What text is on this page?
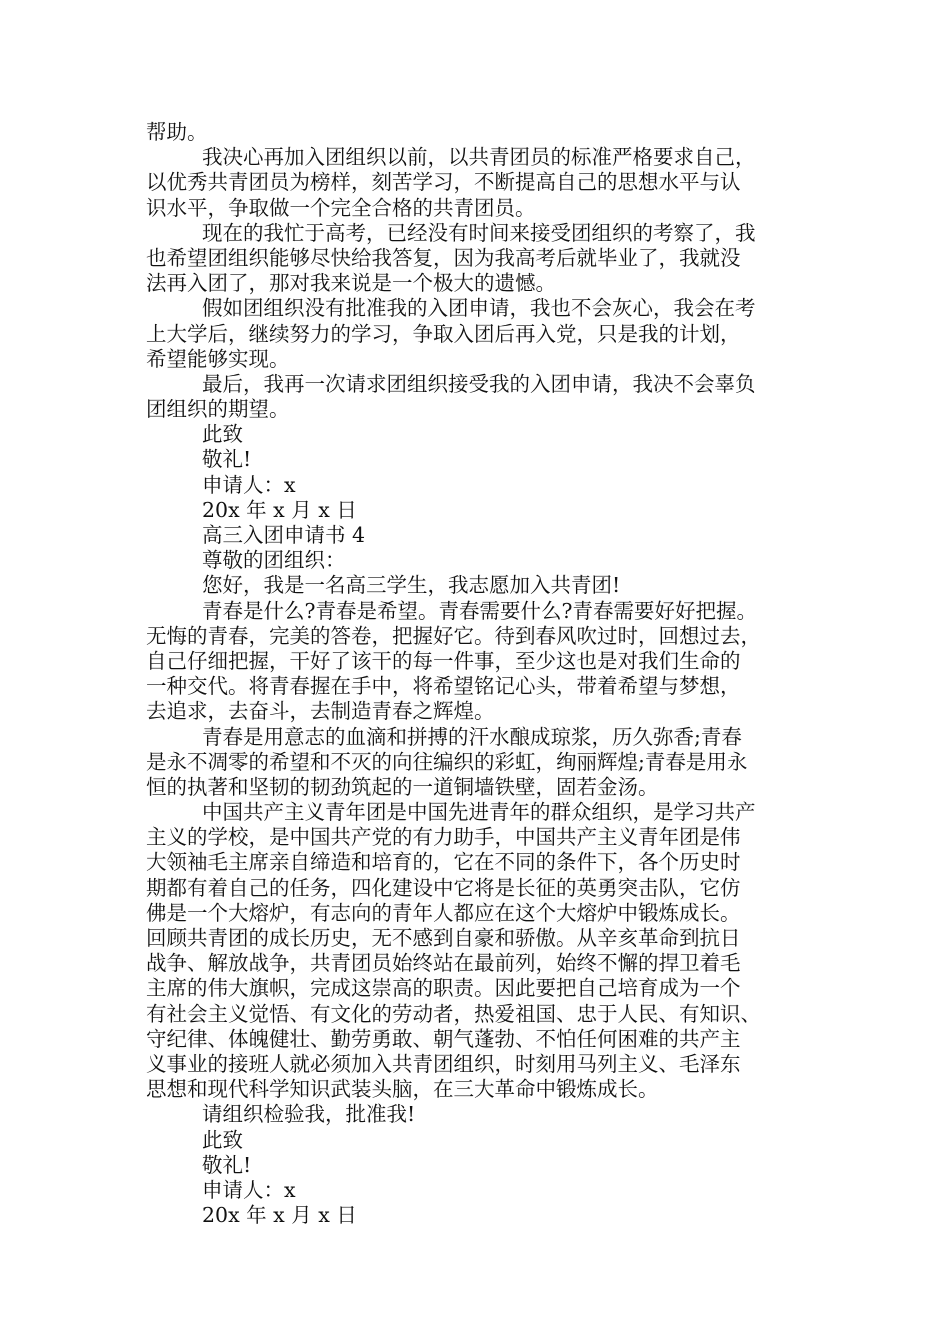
帮助。
我决心再加入团组织以前，以共青团员的标准严格要求自己，
以优秀共青团员为榜样，刻苦学习，不断提高自己的思想水平与认
识水平，争取做一个完全合格的共青团员。
现在的我忙于高考，已经没有时间来接受团组织的考察了，我
也希望团组织能够尽快给我答复，因为我高考后就毕业了，我就没
法再入团了，那对我来说是一个极大的遗憾。
假如团组织没有批准我的入团申请，我也不会灰心，我会在考
上大学后，继续努力的学习，争取入团后再入党，只是我的计划，
希望能够实现。
最后，我再一次请求团组织接受我的入团申请，我决不会辜负
团组织的期望。
此致
敬礼!
申请人：x
20x 年 x 月 x 日
高三入团申请书 4
尊敬的团组织：
您好，我是一名高三学生，我志愿加入共青团!
青春是什么?青春是希望。青春需要什么?青春需要好好把握。
无悔的青春，完美的答卷，把握好它。待到春风吹过时，回想过去，
自己仔细把握，干好了该干的每一件事，至少这也是对我们生命的
一种交代。将青春握在手中，将希望铭记心头，带着希望与梦想，
去追求，去奋斗，去制造青春之辉煌。
青春是用意志的血滴和拼搏的汗水酿成琼浆，历久弥香;青春
是永不凋零的希望和不灭的向往编织的彩虹，绚丽辉煌;青春是用永
恒的执著和坚韧的韧劲筑起的一道铜墙铁壁，固若金汤。
中国共产主义青年团是中国先进青年的群众组织，是学习共产
主义的学校，是中国共产党的有力助手，中国共产主义青年团是伟
大领袖毛主席亲自缔造和培育的，它在不同的条件下，各个历史时
期都有着自己的任务，四化建设中它将是长征的英勇突击队，它仿
佛是一个大熔炉，有志向的青年人都应在这个大熔炉中锻炼成长。
回顾共青团的成长历史，无不感到自豪和骄傲。从辛亥革命到抗日
战争、解放战争，共青团员始终站在最前列，始终不懈的捍卫着毛
主席的伟大旗帜，完成这崇高的职责。因此要把自己培育成为一个
有社会主义觉悟、有文化的劳动者，热爱祖国、忠于人民、有知识、
守纪律、体魄健壮、勤劳勇敢、朝气蓬勃、不怕任何困难的共产主
义事业的接班人就必须加入共青团组织，时刻用马列主义、毛泽东
思想和现代科学知识武装头脑，在三大革命中锻炼成长。
请组织检验我，批准我!
此致
敬礼!
申请人：x
20x 年 x 月 x 日
